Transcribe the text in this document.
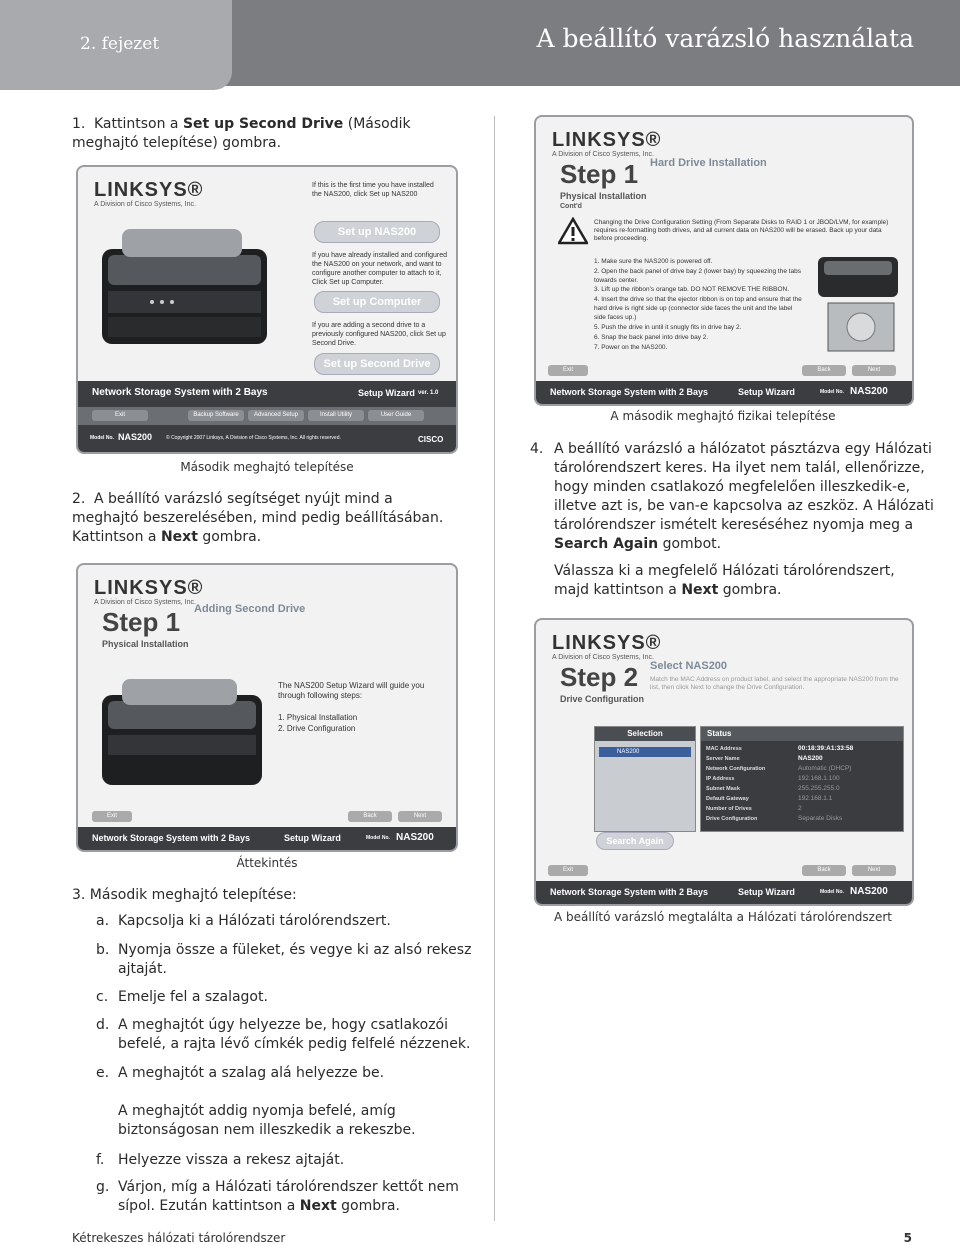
2. fejezet	A beállító varázsló használata
1. Kattintson a Set up Second Drive (Második meghajtó telepítése) gombra.
LINKSYS®
A Division of Cisco Systems, Inc.
If this is the first time you have installed the NAS200, click Set up NAS200
Set up NAS200
If you have already installed and configured the NAS200 on your network, and want to configure another computer to attach to it, Click Set up Computer.
Set up Computer
If you are adding a second drive to a previously configured NAS200, click Set up Second Drive.
Set up Second Drive
Network Storage System with 2 Bays	Setup Wizard ver. 1.0
Exit	Backup Software	Advanced Setup	Install Utility	User Guide
Model No. NAS200	© Copyright 2007 Linksys, A Division of Cisco Systems, Inc. All rights reserved.	CISCO
Második meghajtó telepítése
2. A beállító varázsló segítséget nyújt mind a meghajtó beszerelésében, mind pedig beállításában. Kattintson a Next gombra.
LINKSYS®
A Division of Cisco Systems, Inc.
Step 1
Physical Installation
Adding Second Drive
The NAS200 Setup Wizard will guide you through following steps:
1. Physical Installation
2. Drive Configuration
Exit	Back	Next
Network Storage System with 2 Bays	Setup Wizard	Model No. NAS200
Áttekintés
3. Második meghajtó telepítése:
a. Kapcsolja ki a Hálózati tárolórendszert.
b. Nyomja össze a füleket, és vegye ki az alsó rekesz ajtaját.
c. Emelje fel a szalagot.
d. A meghajtót úgy helyezze be, hogy csatlakozói befelé, a rajta lévő címkék pedig felfelé nézzenek.
e. A meghajtót a szalag alá helyezze be.
A meghajtót addig nyomja befelé, amíg biztonságosan nem illeszkedik a rekeszbe.
f. Helyezze vissza a rekesz ajtaját.
g. Várjon, míg a Hálózati tárolórendszer kettőt nem sípol. Ezután kattintson a Next gombra.
LINKSYS®
A Division of Cisco Systems, Inc.
Step 1
Physical Installation
Cont'd
Hard Drive Installation
Changing the Drive Configuration Setting (From Separate Disks to RAID 1 or JBOD/LVM, for example) requires re-formatting both drives, and all current data on NAS200 will be erased. Back up your data before proceeding.
1. Make sure the NAS200 is powered off.
2. Open the back panel of drive bay 2 (lower bay) by squeezing the tabs towards center.
3. Lift up the ribbon's orange tab. DO NOT REMOVE THE RIBBON.
4. Insert the drive so that the ejector ribbon is on top and ensure that the hard drive is right side up (connector side faces the unit and the label side faces up.)
5. Push the drive in until it snugly fits in drive bay 2.
6. Snap the back panel into drive bay 2.
7. Power on the NAS200.
Exit	Back	Next
Network Storage System with 2 Bays	Setup Wizard	Model No. NAS200
A második meghajtó fizikai telepítése
4. A beállító varázsló a hálózatot pásztázva egy Hálózati tárolórendszert keres. Ha ilyet nem talál, ellenőrizze, hogy minden csatlakozó megfelelően illeszkedik-e, illetve azt is, be van-e kapcsolva az eszköz. A Hálózati tárolórendszer ismételt kereséséhez nyomja meg a Search Again gombot.
Válassza ki a megfelelő Hálózati tárolórendszert, majd kattintson a Next gombra.
LINKSYS®
A Division of Cisco Systems, Inc.
Step 2
Drive Configuration
Select NAS200
Match the MAC Address on product label, and select the appropriate NAS200 from the list, then click Next to change the Drive Configuration.
Selection
NAS200
Status
Search Again
Exit	Back	Next
Network Storage System with 2 Bays	Setup Wizard	Model No. NAS200
MAC Address	00:18:39:A1:33:58
Server Name	NAS200
Network Configuration	Automatic (DHCP)
IP Address	192.168.1.100
Subnet Mask	255.255.255.0
Default Gateway	192.168.1.1
Number of Drives	2
Drive Configuration	Separate Disks
A beállító varázsló megtalálta a Hálózati tárolórendszert
Kétrekeszes hálózati tárolórendszer	5
